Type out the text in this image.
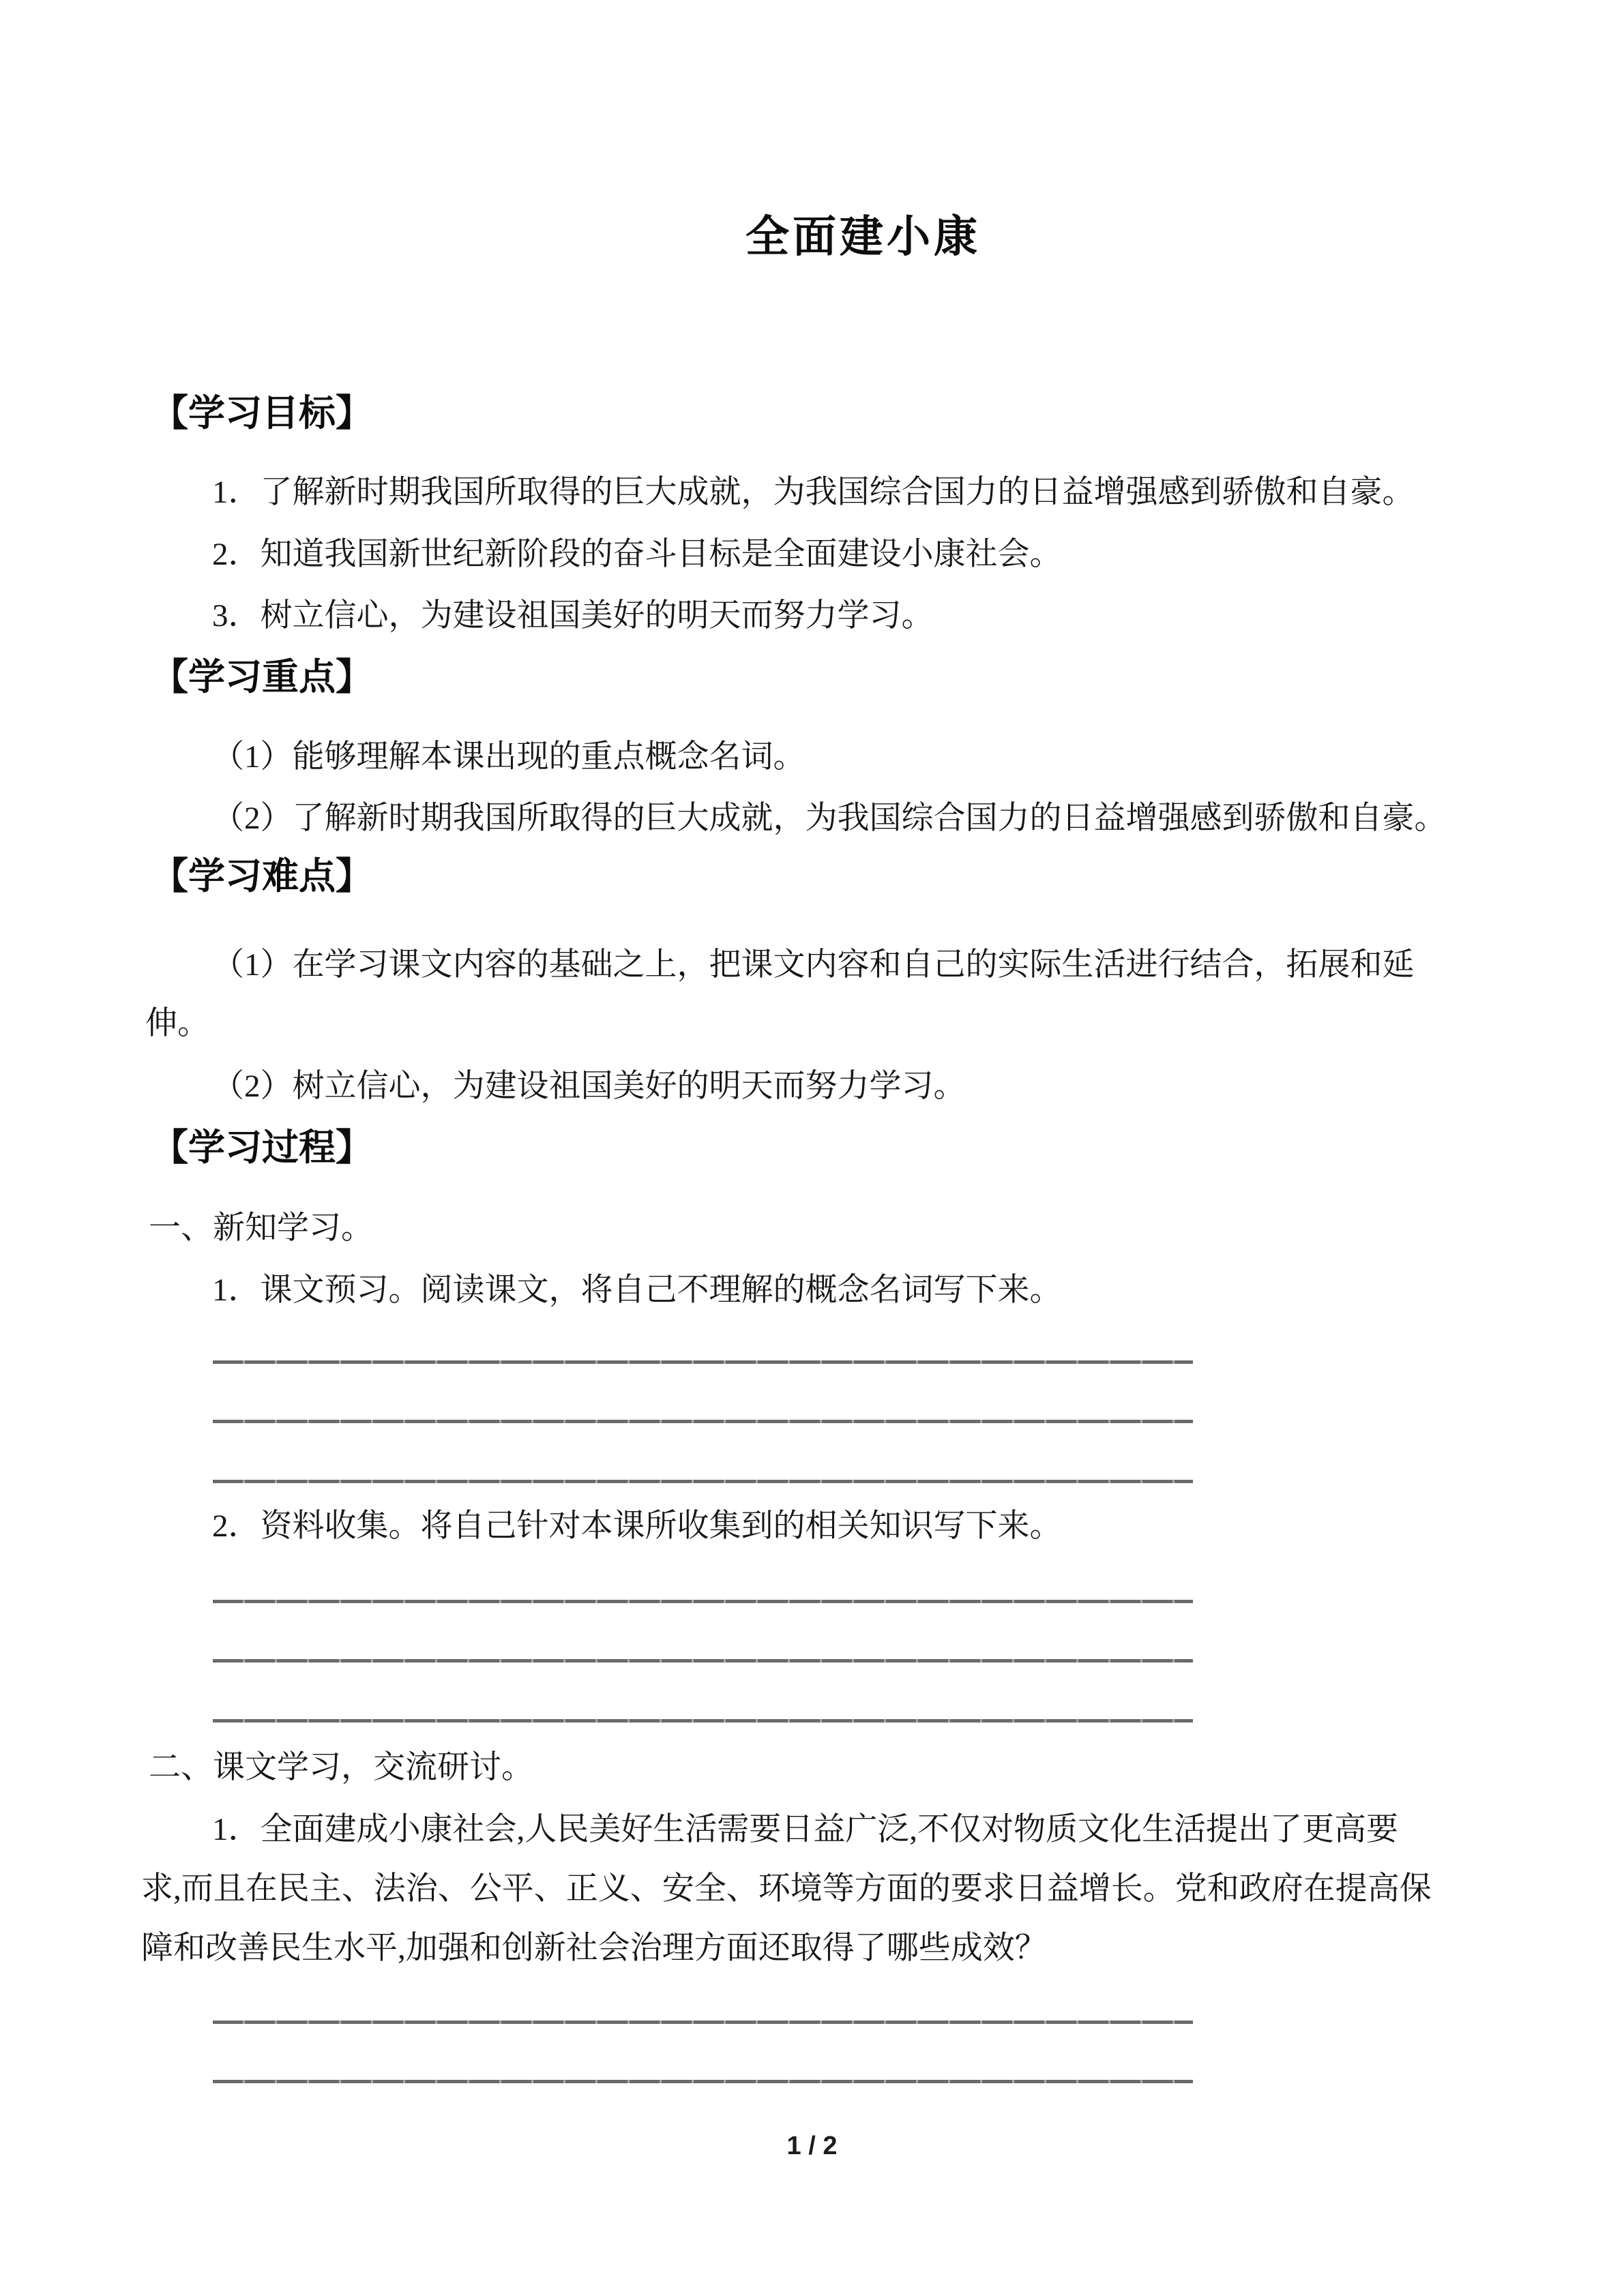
全面建小康
【学习目标】
1．了解新时期我国所取得的巨大成就，为我国综合国力的日益增强感到骄傲和自豪。
2．知道我国新世纪新阶段的奋斗目标是全面建设小康社会。
3．树立信心，为建设祖国美好的明天而努力学习。
【学习重点】
（1）能够理解本课出现的重点概念名词。
（2）了解新时期我国所取得的巨大成就，为我国综合国力的日益增强感到骄傲和自豪。
【学习难点】
（1）在学习课文内容的基础之上，把课文内容和自己的实际生活进行结合，拓展和延
伸。
（2）树立信心，为建设祖国美好的明天而努力学习。
【学习过程】
一、新知学习。
1．课文预习。阅读课文，将自己不理解的概念名词写下来。
2．资料收集。将自己针对本课所收集到的相关知识写下来。
二、课文学习，交流研讨。
1．全面建成小康社会,人民美好生活需要日益广泛,不仅对物质文化生活提出了更高要
求,而且在民主、法治、公平、正义、安全、环境等方面的要求日益增长。党和政府在提高保
障和改善民生水平,加强和创新社会治理方面还取得了哪些成效？
1 / 2
